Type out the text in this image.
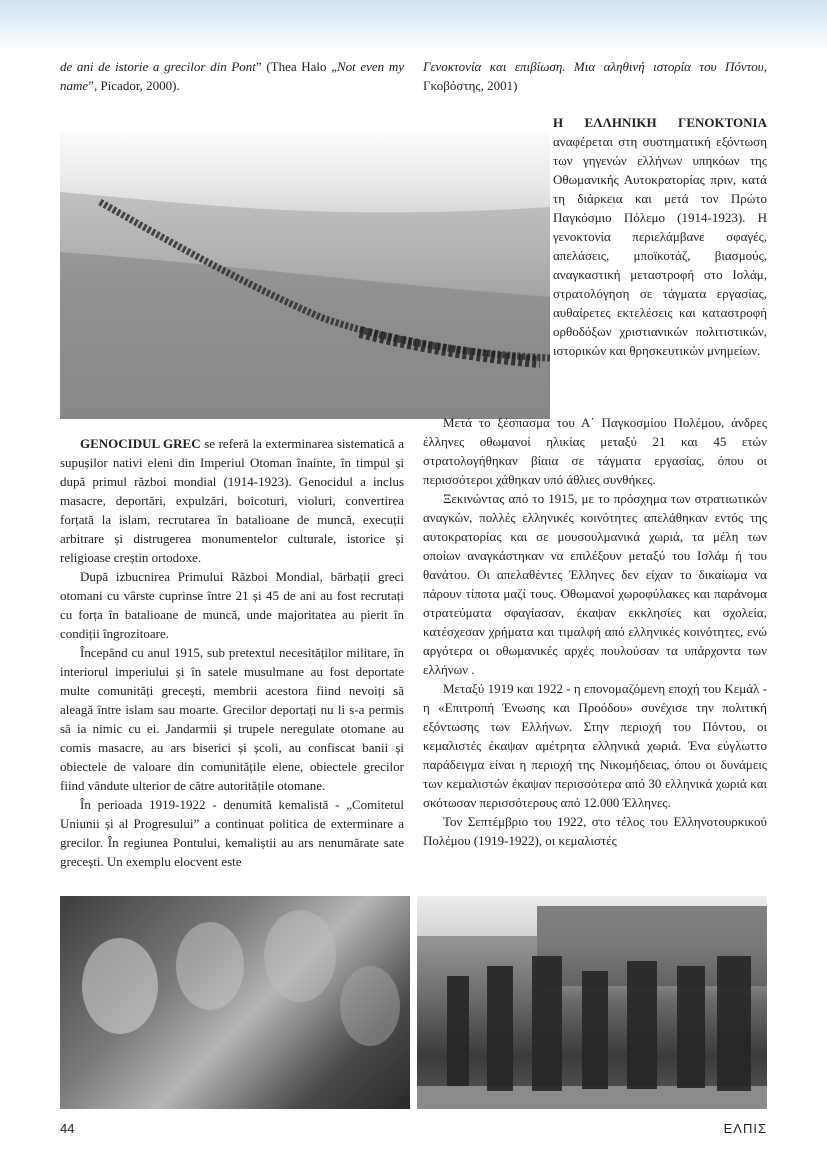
de ani de istorie a grecilor din Pont” (Thea Halo „Not even my name”, Picador, 2000).

Γενοκτονία και επιβίωση. Μια αληθινή ιστορία του Πόντου, Γκοβόστης, 2001)

Η ΕΛΛΗΝΙΚΗ ΓΕΝΟΚΤΟΝΙΑ
αναφέρεται στη συστηματική εξόντωση των γηγενών ελλήνων υπηκόων της Οθωμανικής Αυτοκρατορίας πριν, κατά τη διάρκεια και μετά τον Πρώτο Παγκόσμιο Πόλεμο (1914-1923). Η γενοκτονία περιελάμβανε σφαγές, απελάσεις, μποϊκοτάζ, βιασμούς, αναγκαστική μεταστροφή στο Ισλάμ, στρατολόγηση σε τάγματα εργασίας, αυθαίρετες εκτελέσεις και καταστροφή ορθοδόξων χριστιανικών πολιτιστικών, ιστορικών και θρησκευτικών μνημείων.

GENOCIDUL GREC se referă la exterminarea sistematică a supușilor nativi eleni din Imperiul Otoman înainte, în timpul și după primul război mondial (1914-1923). Genocidul a inclus masacre, deportări, expulzări, boicoturi, violuri, convertirea forțată la islam, recrutarea în batalioane de muncă, execuții arbitrare și distrugerea monumentelor culturale, istorice și religioase creștin ortodoxe.

După izbucnirea Primului Război Mondial, bărbații greci otomani cu vârste cuprinse între 21 și 45 de ani au fost recrutați cu forța în batalioane de muncă, unde majoritatea au pierit în condiții îngrozitoare.

Începând cu anul 1915, sub pretextul necesităților militare, în interiorul imperiului și în satele musulmane au fost deportate multe comunități grecești, membrii acestora fiind nevoiți să aleagă între islam sau moarte. Grecilor deportați nu li s-a permis să ia nimic cu ei. Jandarmii și trupele neregulate otomane au comis masacre, au ars biserici și școli, au confiscat banii și obiectele de valoare din comunitățile elene, obiectele grecilor fiind vândute ulterior de către autoritățile otomane.

În perioada 1919-1922 - denumită kemalistă - „Comitetul Uniunii și al Progresului” a continuat politica de exterminare a grecilor. În regiunea Pontului, kemaliștii au ars nenumărate sate grecești. Un exemplu elocvent este

Μετά το ξέσπασμα του Α΄ Παγκοσμίου Πολέμου, άνδρες έλληνες οθωμανοί ηλικίας μεταξύ 21 και 45 ετών στρατολογήθηκαν βίαια σε τάγματα εργασίας, όπου οι περισσότεροι χάθηκαν υπό άθλιες συνθήκες.

Ξεκινώντας από το 1915, με το πρόσχημα των στρατιωτικών αναγκών, πολλές ελληνικές κοινότητες απελάθηκαν εντός της αυτοκρατορίας και σε μουσουλμανικά χωριά, τα μέλη των οποίων αναγκάστηκαν να επιλέξουν μεταξύ του Ισλάμ ή του θανάτου. Οι απελαθέντες Έλληνες δεν είχαν το δικαίωμα να πάρουν τίποτα μαζί τους. Οθωμανοί χωροφύλακες και παράνομα στρατεύματα σφαγίασαν, έκαψαν εκκλησίες και σχολεία, κατέσχεσαν χρήματα και τιμαλφή από ελληνικές κοινότητες, ενώ αργότερα οι οθωμανικές αρχές πουλούσαν τα υπάρχοντα των ελλήνων .

Μεταξύ 1919 και 1922 - η επονομαζόμενη εποχή του Κεμάλ - η «Επιτροπή Ένωσης και Προόδου» συνέχισε την πολιτική εξόντωσης των Ελλήνων. Στην περιοχή του Πόντου, οι κεμαλιστές έκαψαν αμέτρητα ελληνικά χωριά. Ένα εύγλωττο παράδειγμα είναι η περιοχή της Νικομήδειας, όπου οι δυνάμεις των κεμαλιστών έκαψαν περισσότερα από 30 ελληνικά χωριά και σκότωσαν περισσότερους από 12.000 Έλληνες.

Τον Σεπτέμβριο του 1922, στο τέλος του Ελληνοτουρκικού Πολέμου (1919-1922), οι κεμαλιστές

44	ΕΛΠΙΣ
